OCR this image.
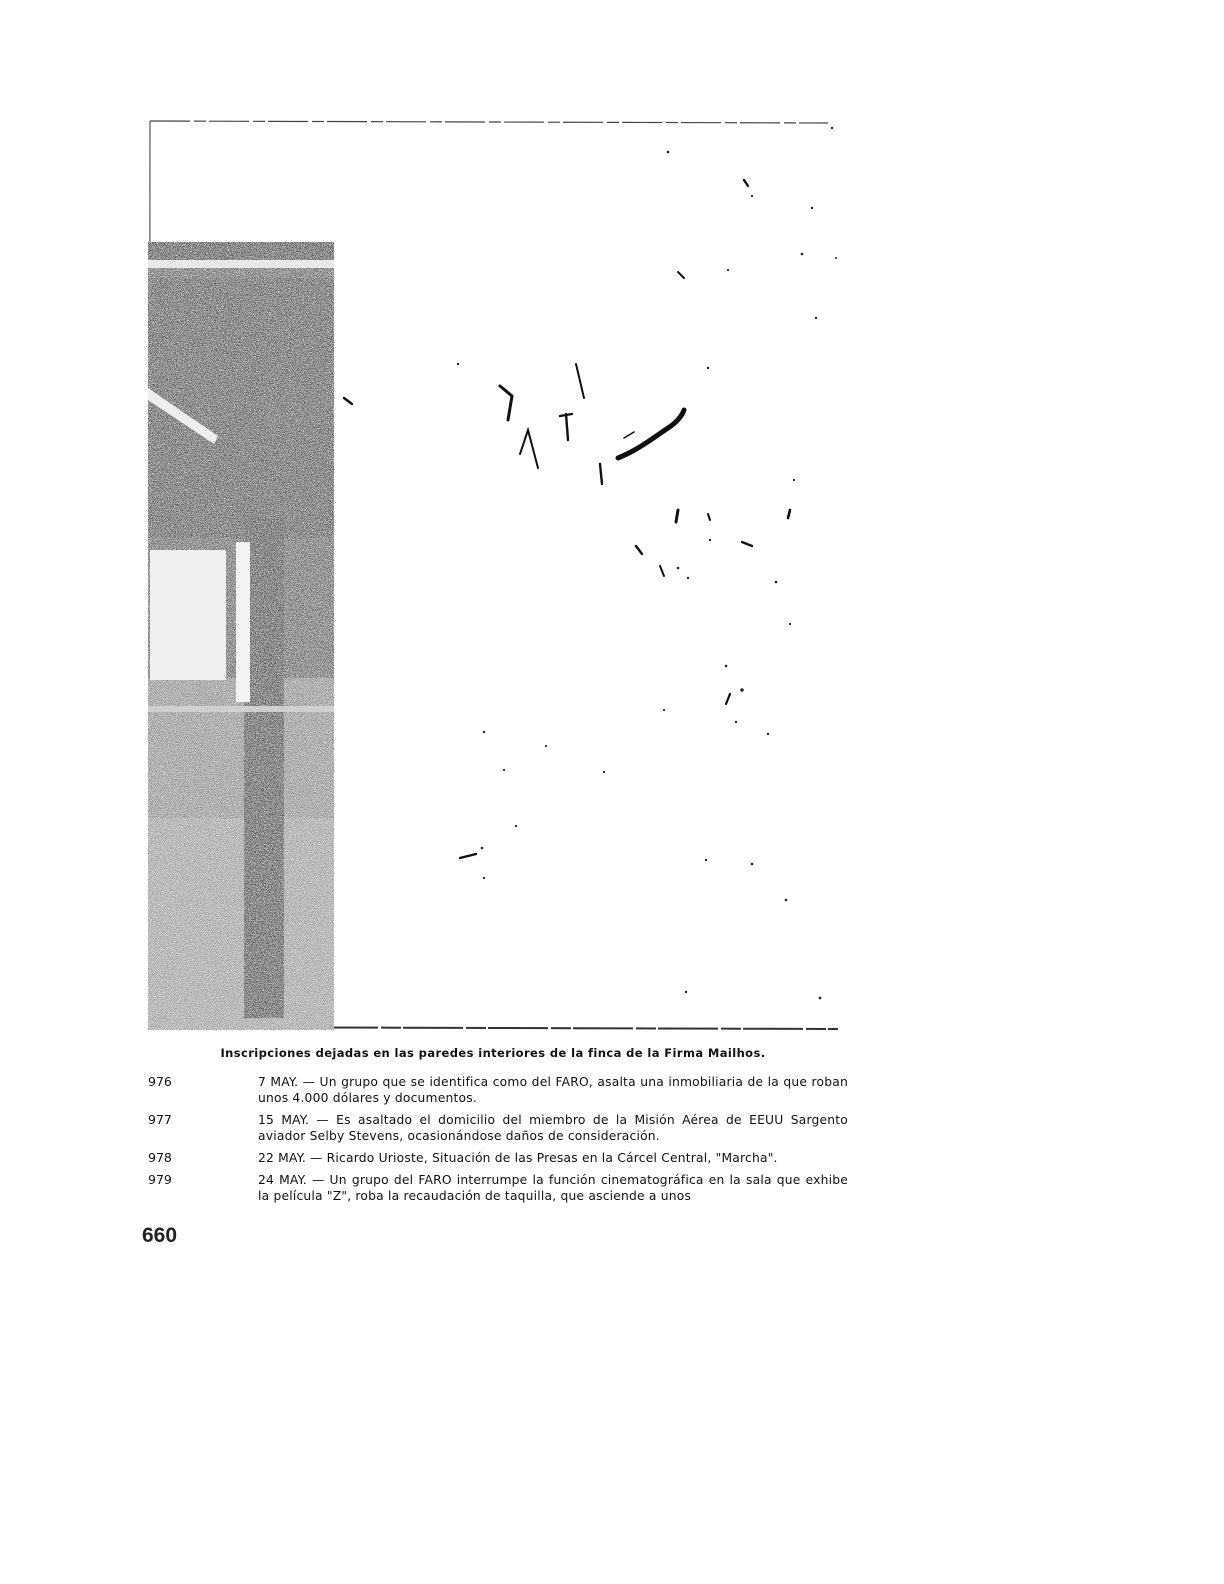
Inscripciones dejadas en las paredes interiores de la finca de la Firma Mailhos.
976	7 MAY. — Un grupo que se identifica como del FARO, asalta una inmobiliaria de la que roban unos 4.000 dólares y documentos.
977	15 MAY. — Es asaltado el domicilio del miembro de la Misión Aérea de EEUU Sargento aviador Selby Stevens, ocasionándose daños de consideración.
978	22 MAY. — Ricardo Urioste, Situación de las Presas en la Cárcel Central, "Marcha".
979	24 MAY. — Un grupo del FARO interrumpe la función cinematográfica en la sala que exhibe la película "Z", roba la recaudación de taquilla, que asciende a unos
660
